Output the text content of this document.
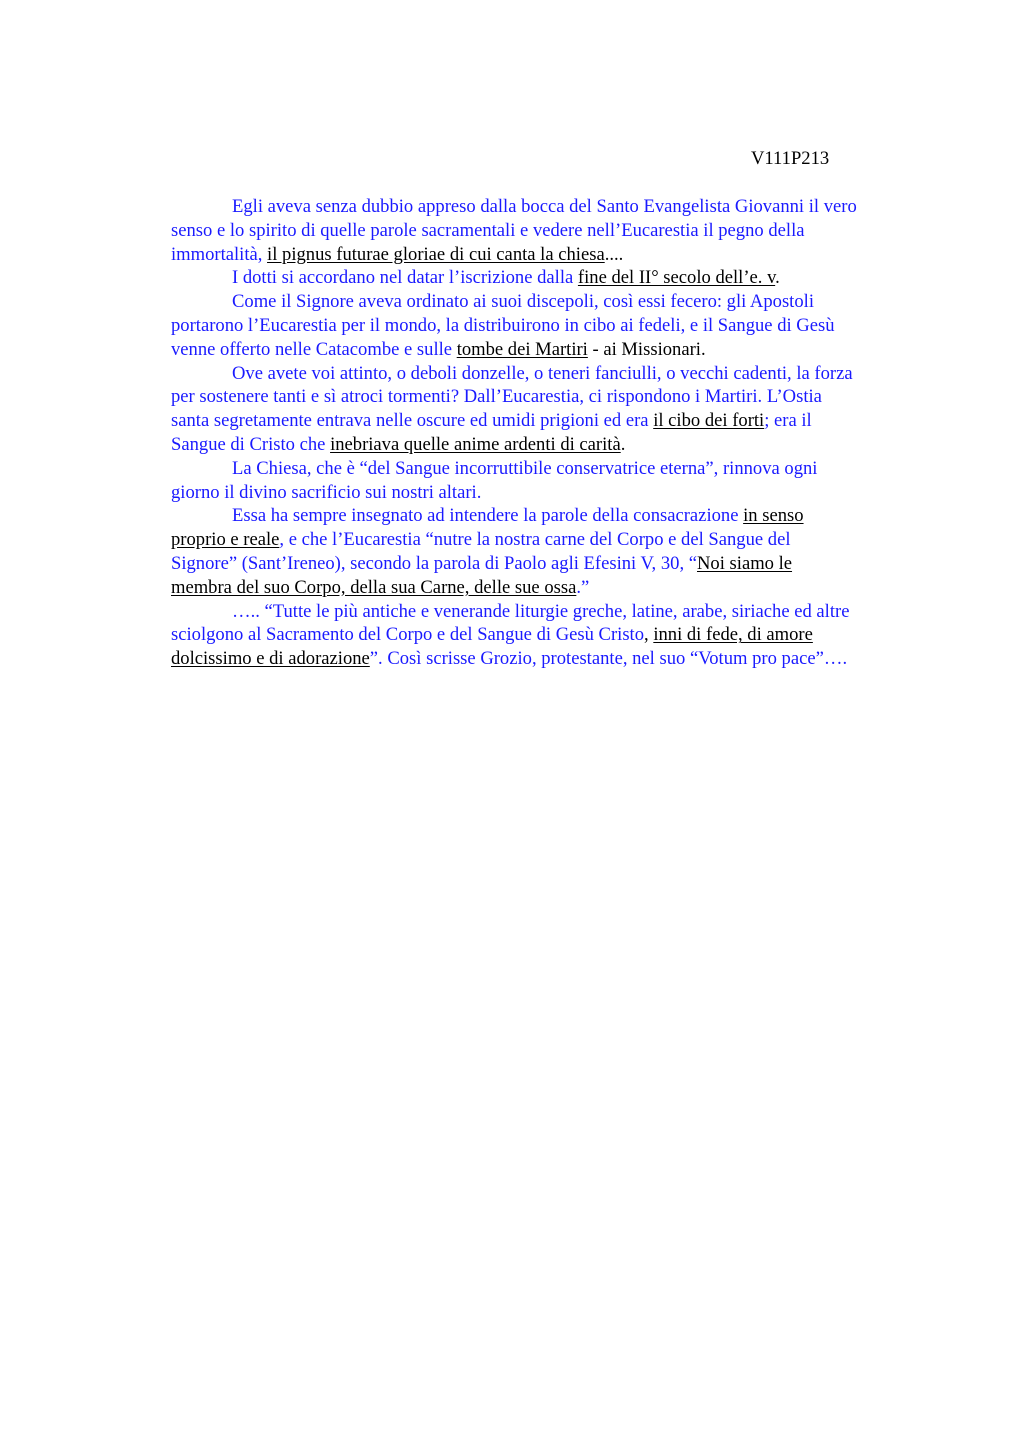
V111P213
Egli aveva senza dubbio appreso dalla bocca del Santo Evangelista Giovanni il vero
senso e lo spirito di quelle parole sacramentali e vedere nell’Eucarestia il pegno della
immortalità, il pignus futurae gloriae di cui canta la chiesa....
I dotti si accordano nel datar l’iscrizione dalla fine del II° secolo dell’e. v.
Come il Signore aveva ordinato ai suoi discepoli, così essi fecero: gli Apostoli
portarono l’Eucarestia per il mondo, la distribuirono in cibo ai fedeli, e il Sangue di Gesù
venne offerto nelle Catacombe e sulle tombe dei Martiri - ai Missionari.
Ove avete voi attinto, o deboli donzelle, o teneri fanciulli, o vecchi cadenti, la forza
per sostenere tanti e sì atroci tormenti? Dall’Eucarestia, ci rispondono i Martiri. L’Ostia
santa segretamente entrava nelle oscure ed umidi prigioni ed era il cibo dei forti; era il
Sangue di Cristo che inebriava quelle anime ardenti di carità.
La Chiesa, che è “del Sangue incorruttibile conservatrice eterna”, rinnova ogni
giorno il divino sacrificio sui nostri altari.
Essa ha sempre insegnato ad intendere la parole della consacrazione in senso
proprio e reale, e che l’Eucarestia “nutre la nostra carne del Corpo e del Sangue del
Signore” (Sant’Ireneo), secondo la parola di Paolo agli Efesini V, 30, “Noi siamo le
membra del suo Corpo, della sua Carne, delle sue ossa.”
….. “Tutte le più antiche e venerande liturgie greche, latine, arabe, siriache ed altre
sciolgono al Sacramento del Corpo e del Sangue di Gesù Cristo, inni di fede, di amore
dolcissimo e di adorazione”. Così scrisse Grozio, protestante, nel suo “Votum pro pace”….
